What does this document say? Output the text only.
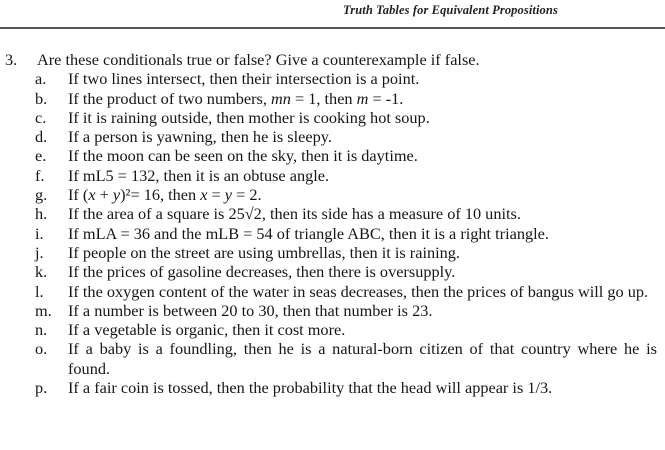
Truth Tables for Equivalent Propositions
3.	Are these conditionals true or false? Give a counterexample if false.
a.	If two lines intersect, then their intersection is a point.
b.	If the product of two numbers, mn = 1, then m = -1.
c.	If it is raining outside, then mother is cooking hot soup.
d.	If a person is yawning, then he is sleepy.
e.	If the moon can be seen on the sky, then it is daytime.
f.	If mL5 = 132, then it is an obtuse angle.
g.	If (x + y)²= 16, then x = y = 2.
h.	If the area of a square is 25√2, then its side has a measure of 10 units.
i.	If mLA = 36 and the mLB = 54 of triangle ABC, then it is a right triangle.
j.	If people on the street are using umbrellas, then it is raining.
k.	If the prices of gasoline decreases, then there is oversupply.
l.	If the oxygen content of the water in seas decreases, then the prices of bangus will go up.
m. If a number is between 20 to 30, then that number is 23.
n.	If a vegetable is organic, then it cost more.
o.	If a baby is a foundling, then he is a natural-born citizen of that country where he is found.
p.	If a fair coin is tossed, then the probability that the head will appear is 1/3.
